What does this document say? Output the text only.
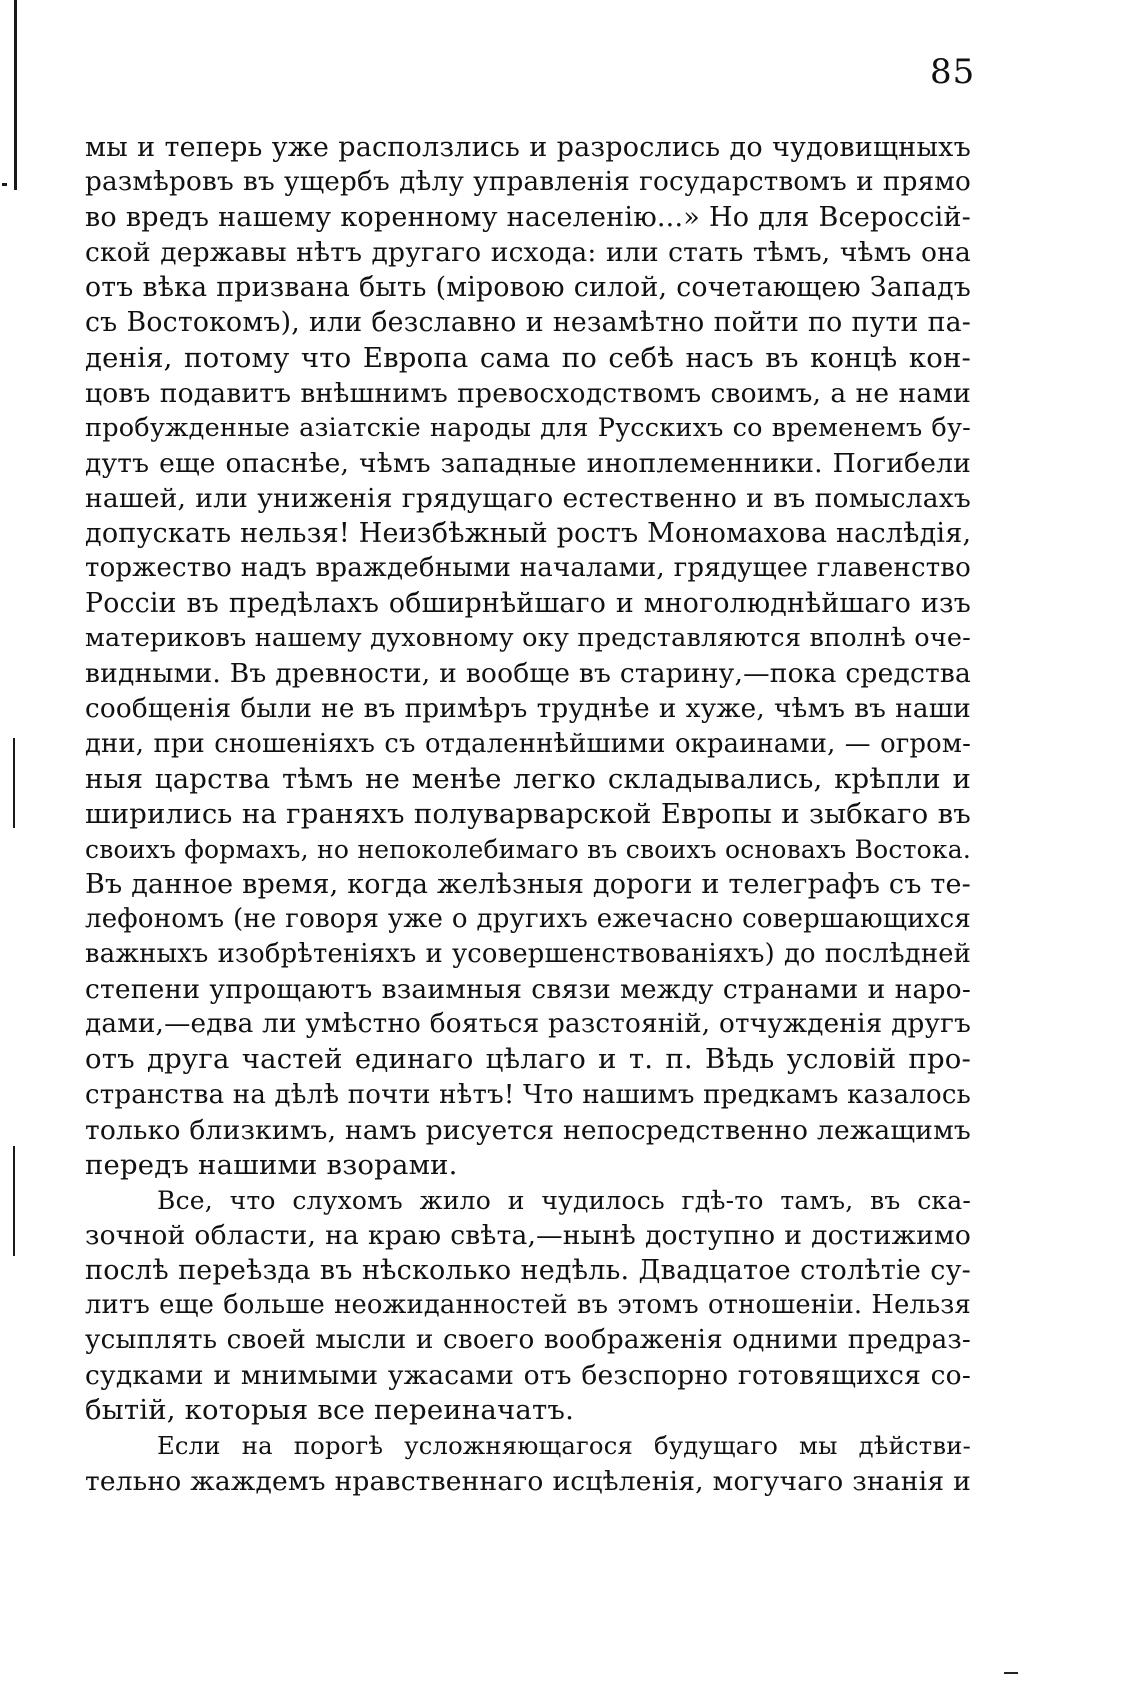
85
мы и теперь уже расползлись и разрослись до чудовищныхъ
размѣровъ въ ущербъ дѣлу управленія государствомъ и прямо
во вредъ нашему коренному населенію...» Но для Всероссій-
ской державы нѣтъ другаго исхода: или стать тѣмъ, чѣмъ она
отъ вѣка призвана быть (міровою силой, сочетающею Западъ
съ Востокомъ), или безславно и незамѣтно пойти по пути па-
денія, потому что Европа сама по себѣ насъ въ концѣ кон-
цовъ подавитъ внѣшнимъ превосходствомъ своимъ, а не нами
пробужденные азіатскіе народы для Русскихъ со временемъ бу-
дутъ еще опаснѣе, чѣмъ западные иноплеменники. Погибели
нашей, или униженія грядущаго естественно и въ помыслахъ
допускать нельзя! Неизбѣжный ростъ Мономахова наслѣдія,
торжество надъ враждебными началами, грядущее главенство
Россіи въ предѣлахъ обширнѣйшаго и многолюднѣйшаго изъ
материковъ нашему духовному оку представляются вполнѣ оче-
видными. Въ древности, и вообще въ старину,—пока средства
сообщенія были не въ примѣръ труднѣе и хуже, чѣмъ въ наши
дни, при сношеніяхъ съ отдаленнѣйшими окраинами, — огром-
ныя царства тѣмъ не менѣе легко складывались, крѣпли и
ширились на граняхъ полуварварской Европы и зыбкаго въ
своихъ формахъ, но непоколебимаго въ своихъ основахъ Востока.
Въ данное время, когда желѣзныя дороги и телеграфъ съ те-
лефономъ (не говоря уже о другихъ ежечасно совершающихся
важныхъ изобрѣтеніяхъ и усовершенствованіяхъ) до послѣдней
степени упрощаютъ взаимныя связи между странами и наро-
дами,—едва ли умѣстно бояться разстояній, отчужденія другъ
отъ друга частей единаго цѣлаго и т. п. Вѣдь условій про-
странства на дѣлѣ почти нѣтъ! Что нашимъ предкамъ казалось
только близкимъ, намъ рисуется непосредственно лежащимъ
передъ нашими взорами.
Все, что слухомъ жило и чудилось гдѣ-то тамъ, въ ска-
зочной области, на краю свѣта,—нынѣ доступно и достижимо
послѣ переѣзда въ нѣсколько недѣль. Двадцатое столѣтіе су-
литъ еще больше неожиданностей въ этомъ отношеніи. Нельзя
усыплять своей мысли и своего воображенія одними предраз-
судками и мнимыми ужасами отъ безспорно готовящихся со-
бытій, которыя все переиначатъ.
Если на порогѣ усложняющагося будущаго мы дѣйстви-
тельно жаждемъ нравственнаго исцѣленія, могучаго знанія и
